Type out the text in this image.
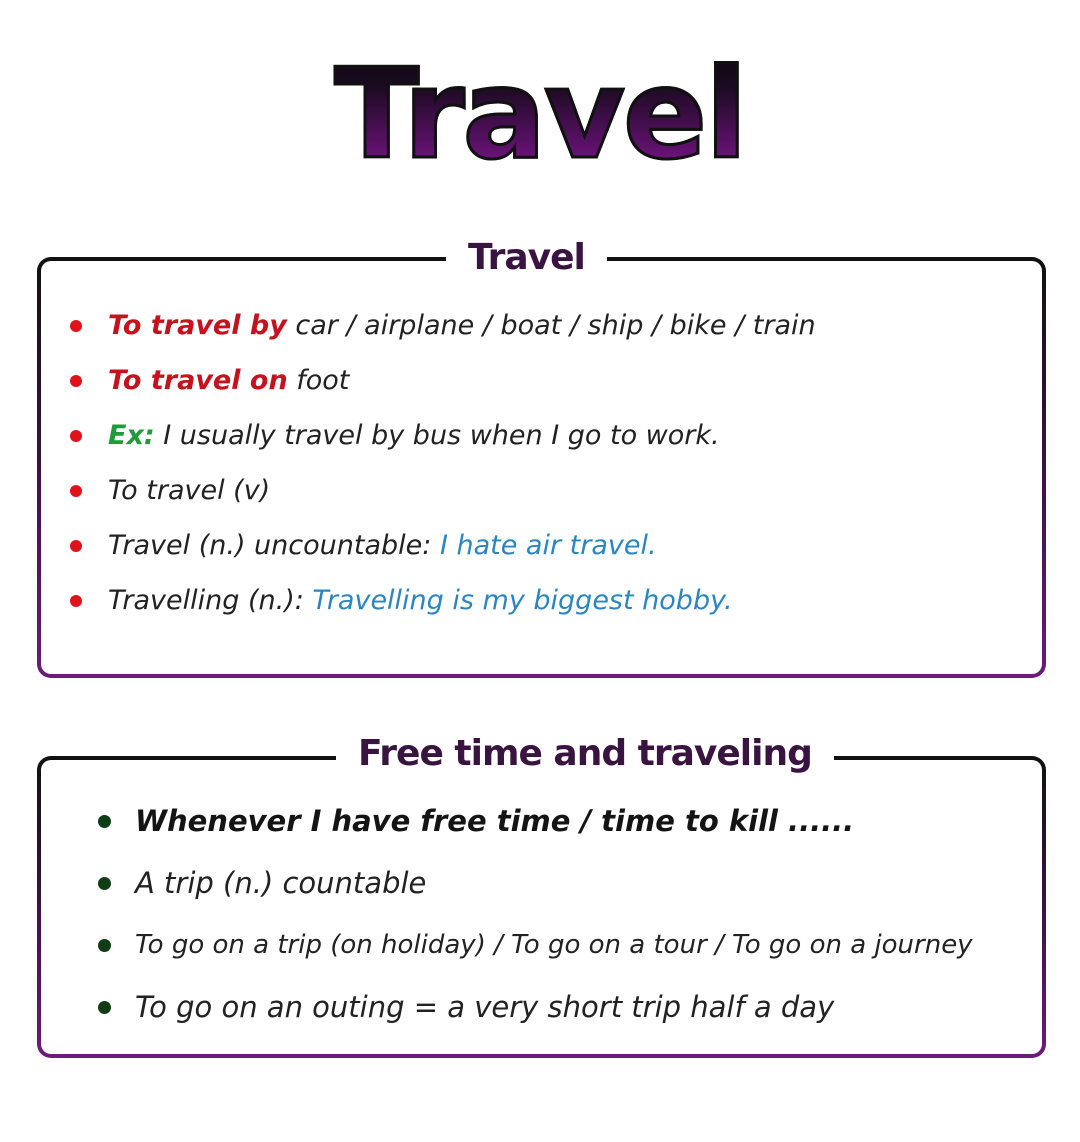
Travel
Travel
To travel by car / airplane / boat / ship / bike / train
To travel on foot
Ex: I usually travel by bus when I go to work.
To travel (v)
Travel (n.) uncountable: I hate air travel.
Travelling (n.): Travelling is my biggest hobby.
Free time and traveling
Whenever I have free time / time to kill ......
A trip (n.) countable
To go on a trip (on holiday) / To go on a tour / To go on a journey
To go on an outing = a very short trip half a day
